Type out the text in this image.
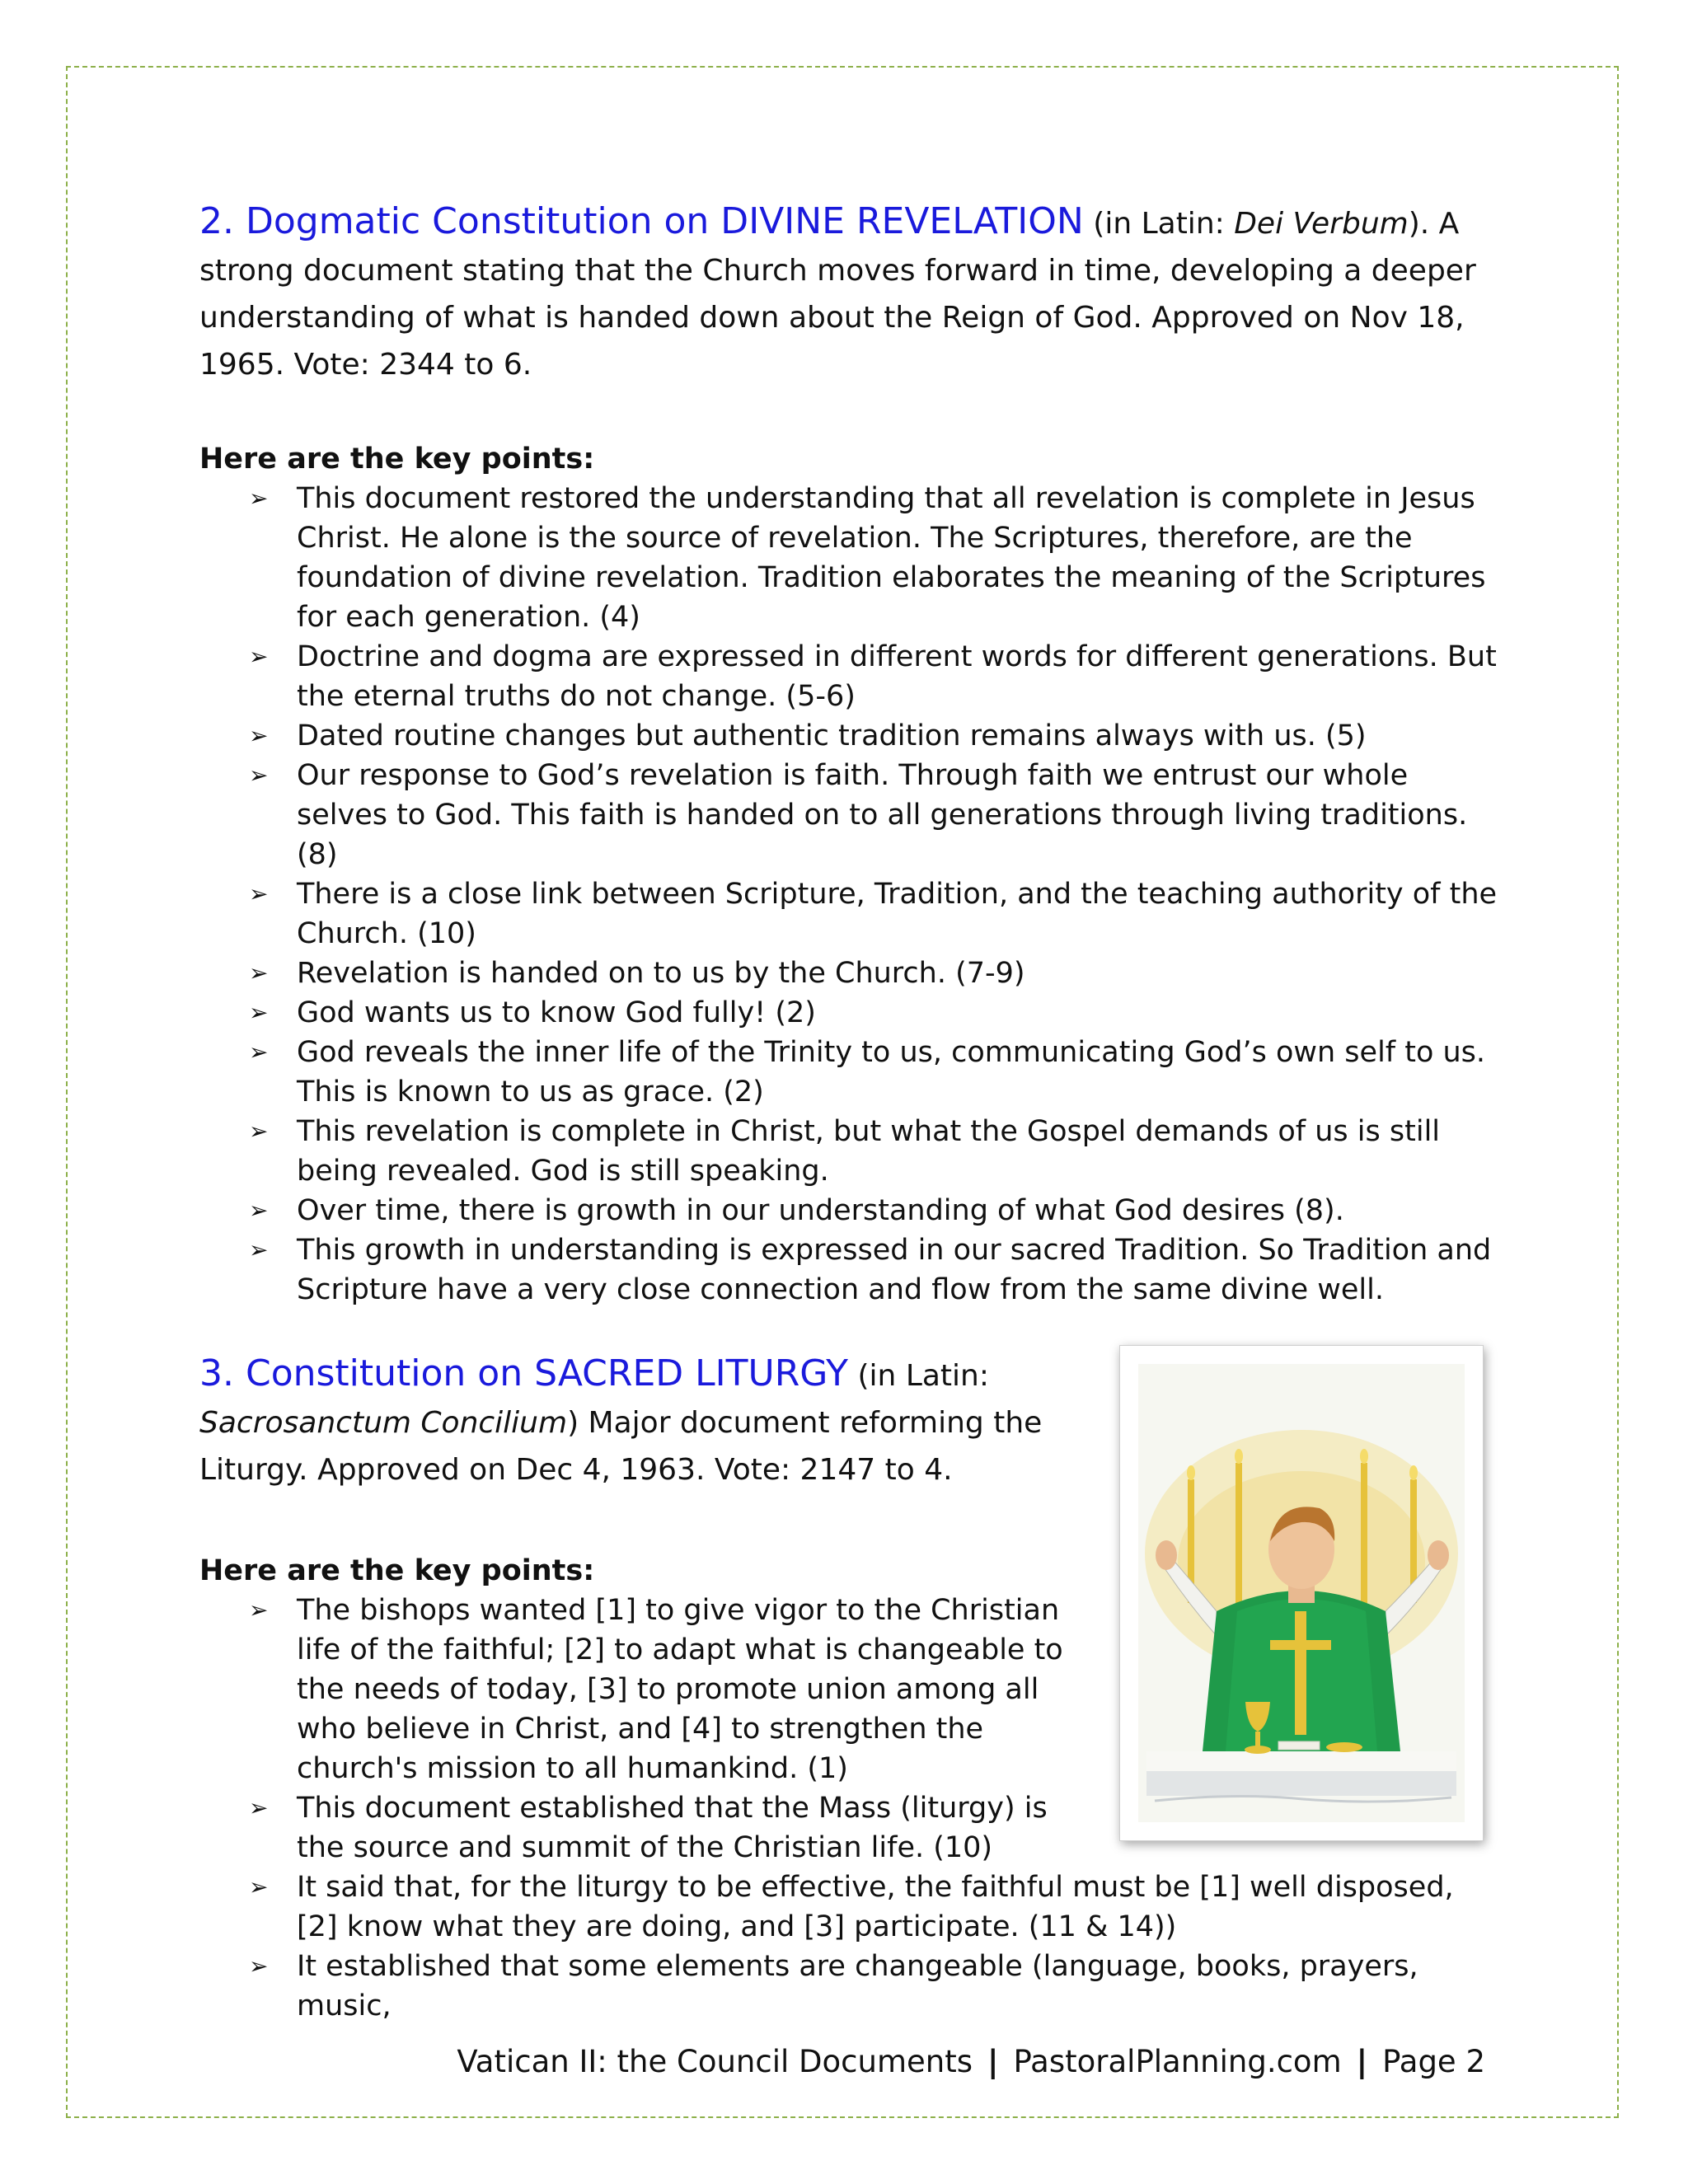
2. Dogmatic Constitution on DIVINE REVELATION (in Latin: Dei Verbum). A strong document stating that the Church moves forward in time, developing a deeper understanding of what is handed down about the Reign of God. Approved on Nov 18, 1965. Vote: 2344 to 6.

Here are the key points:

➢ This document restored the understanding that all revelation is complete in Jesus Christ. He alone is the source of revelation. The Scriptures, therefore, are the foundation of divine revelation. Tradition elaborates the meaning of the Scriptures for each generation. (4)
➢ Doctrine and dogma are expressed in different words for different generations. But the eternal truths do not change. (5-6)
➢ Dated routine changes but authentic tradition remains always with us. (5)
➢ Our response to God’s revelation is faith. Through faith we entrust our whole selves to God. This faith is handed on to all generations through living traditions. (8)
➢ There is a close link between Scripture, Tradition, and the teaching authority of the Church. (10)
➢ Revelation is handed on to us by the Church. (7-9)
➢ God wants us to know God fully! (2)
➢ God reveals the inner life of the Trinity to us, communicating God’s own self to us. This is known to us as grace. (2)
➢ This revelation is complete in Christ, but what the Gospel demands of us is still being revealed. God is still speaking.
➢ Over time, there is growth in our understanding of what God desires (8).
➢ This growth in understanding is expressed in our sacred Tradition. So Tradition and Scripture have a very close connection and flow from the same divine well.

3. Constitution on SACRED LITURGY (in Latin: Sacrosanctum Concilium) Major document reforming the Liturgy. Approved on Dec 4, 1963. Vote: 2147 to 4.

Here are the key points:

➢ The bishops wanted [1] to give vigor to the Christian life of the faithful; [2] to adapt what is changeable to the needs of today, [3] to promote union among all who believe in Christ, and [4] to strengthen the church's mission to all humankind. (1)
➢ This document established that the Mass (liturgy) is the source and summit of the Christian life. (10)
➢ It said that, for the liturgy to be effective, the faithful must be [1] well disposed, [2] know what they are doing, and [3] participate. (11 & 14))
➢ It established that some elements are changeable (language, books, prayers, music,
Vatican II: the Council Documents | PastoralPlanning.com | Page 2
